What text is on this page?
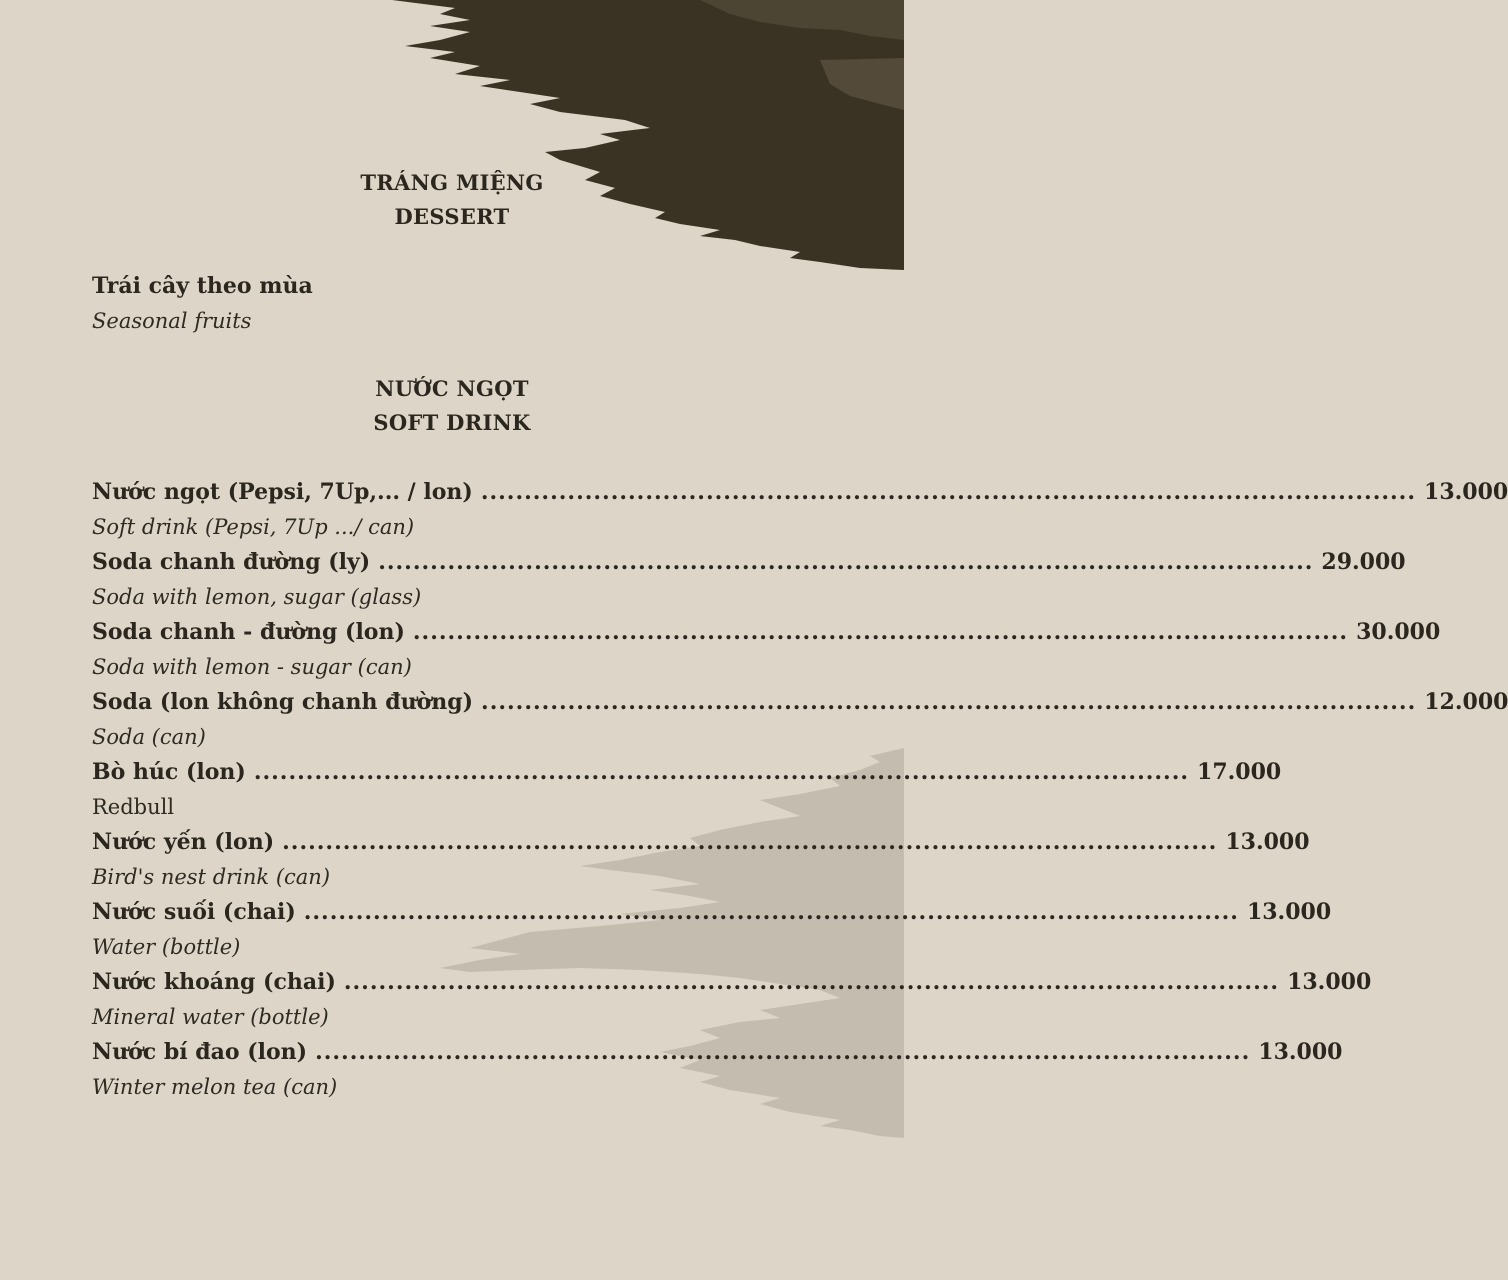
TRÁNG MIỆNG
DESSERT
Trái cây theo mùa
Seasonal fruits
NƯỚC NGỌT
SOFT DRINK
Nước ngọt (Pepsi, 7Up,... / lon) ............................................................................................................ 13.000
Soft drink (Pepsi, 7Up .../ can)
Soda chanh đường (ly) ............................................................................................................ 29.000
Soda with lemon, sugar (glass)
Soda chanh - đường (lon) ............................................................................................................ 30.000
Soda with lemon - sugar (can)
Soda (lon không chanh đường) ............................................................................................................ 12.000
Soda (can)
Bò húc (lon) ............................................................................................................ 17.000
Redbull
Nước yến (lon) ............................................................................................................ 13.000
Bird's nest drink (can)
Nước suối (chai) ............................................................................................................ 13.000
Water (bottle)
Nước khoáng (chai) ............................................................................................................ 13.000
Mineral water (bottle)
Nước bí đao (lon) ............................................................................................................ 13.000
Winter melon tea (can)
